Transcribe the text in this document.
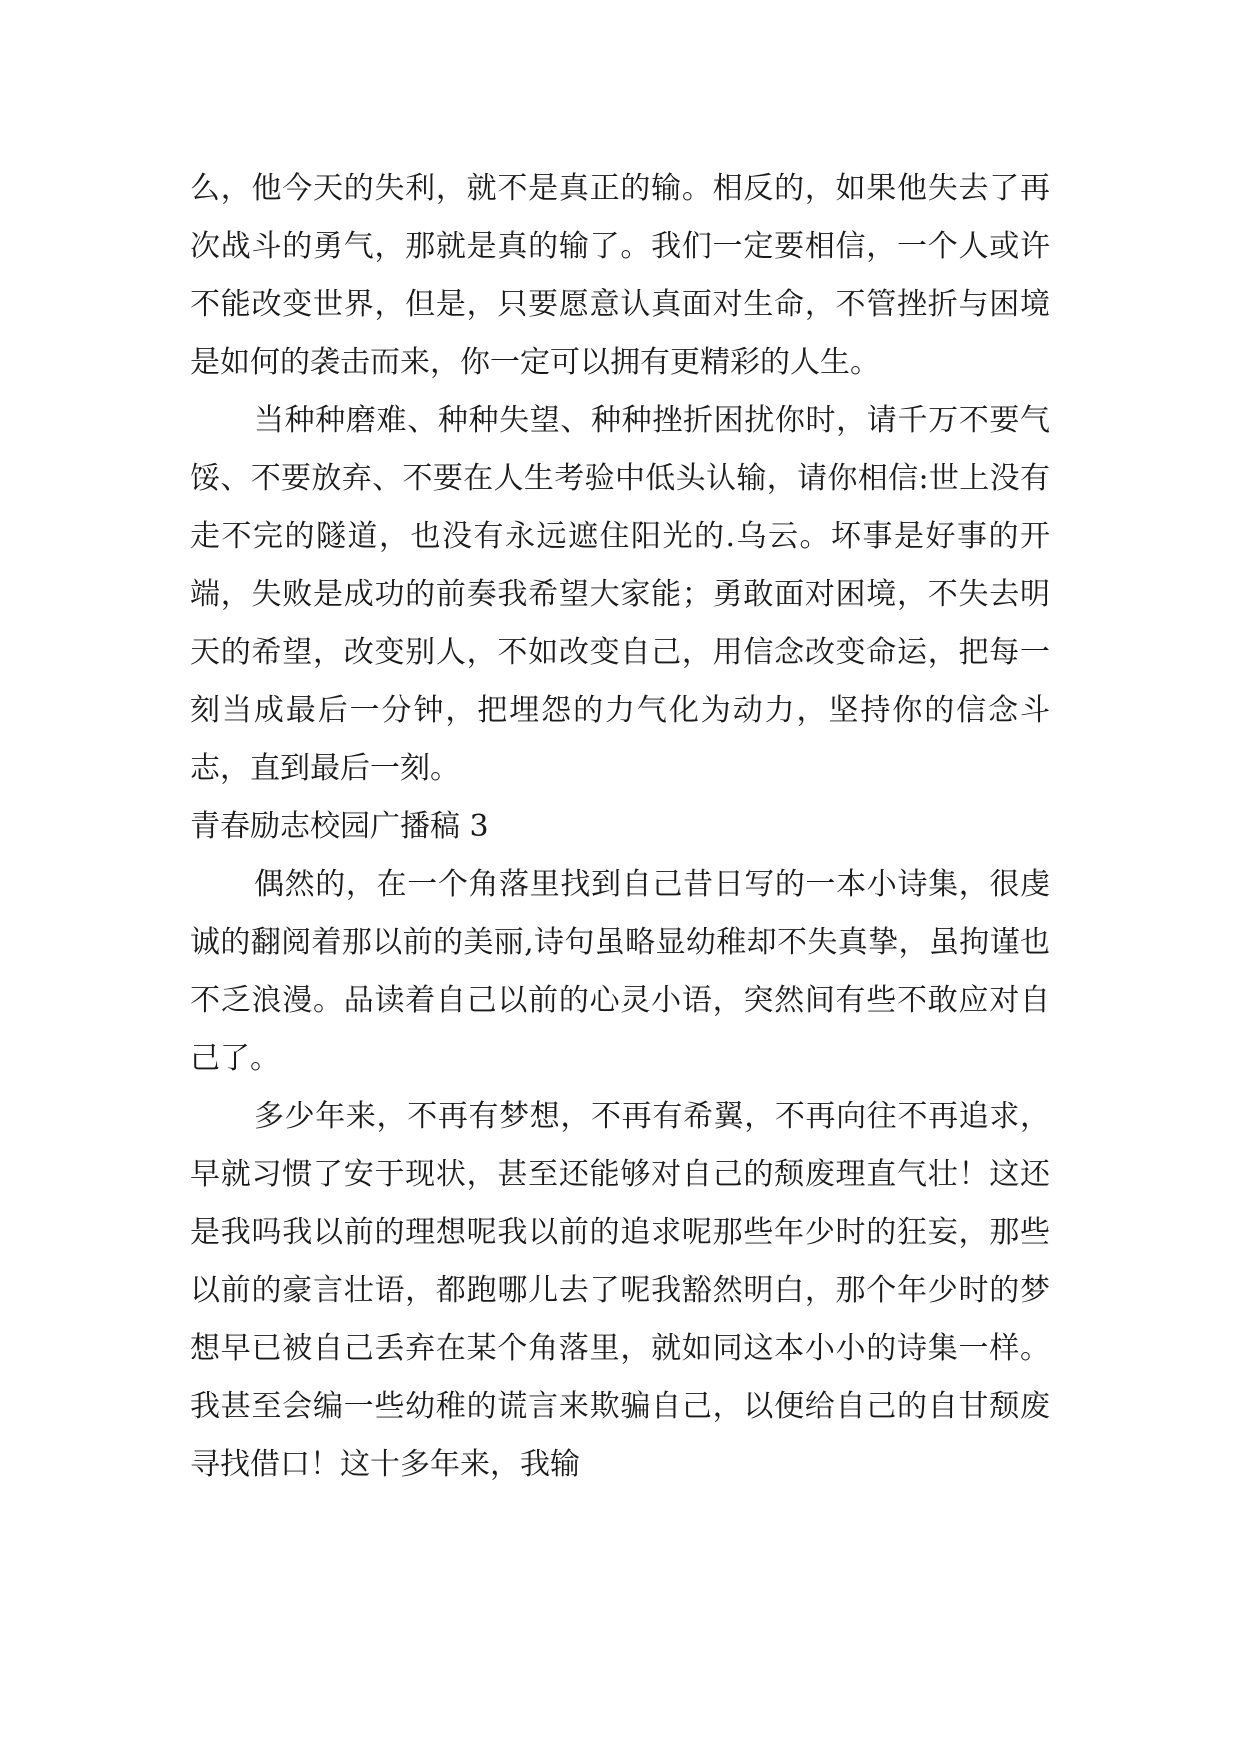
么，他今天的失利，就不是真正的输。相反的，如果他失去了再次战斗的勇气，那就是真的输了。我们一定要相信，一个人或许不能改变世界，但是，只要愿意认真面对生命，不管挫折与困境是如何的袭击而来，你一定可以拥有更精彩的人生。

当种种磨难、种种失望、种种挫折困扰你时，请千万不要气馁、不要放弃、不要在人生考验中低头认输，请你相信:世上没有走不完的隧道，也没有永远遮住阳光的.乌云。坏事是好事的开端，失败是成功的前奏我希望大家能；勇敢面对困境，不失去明天的希望，改变别人，不如改变自己，用信念改变命运，把每一刻当成最后一分钟，把埋怨的力气化为动力，坚持你的信念斗志，直到最后一刻。

青春励志校园广播稿 3

偶然的，在一个角落里找到自己昔日写的一本小诗集，很虔诚的翻阅着那以前的美丽,诗句虽略显幼稚却不失真挚，虽拘谨也不乏浪漫。品读着自己以前的心灵小语，突然间有些不敢应对自己了。

多少年来，不再有梦想，不再有希翼，不再向往不再追求，早就习惯了安于现状，甚至还能够对自己的颓废理直气壮！这还是我吗我以前的理想呢我以前的追求呢那些年少时的狂妄，那些以前的豪言壮语，都跑哪儿去了呢我豁然明白，那个年少时的梦想早已被自己丢弃在某个角落里，就如同这本小小的诗集一样。我甚至会编一些幼稚的谎言来欺骗自己，以便给自己的自甘颓废寻找借口！这十多年来，我输
